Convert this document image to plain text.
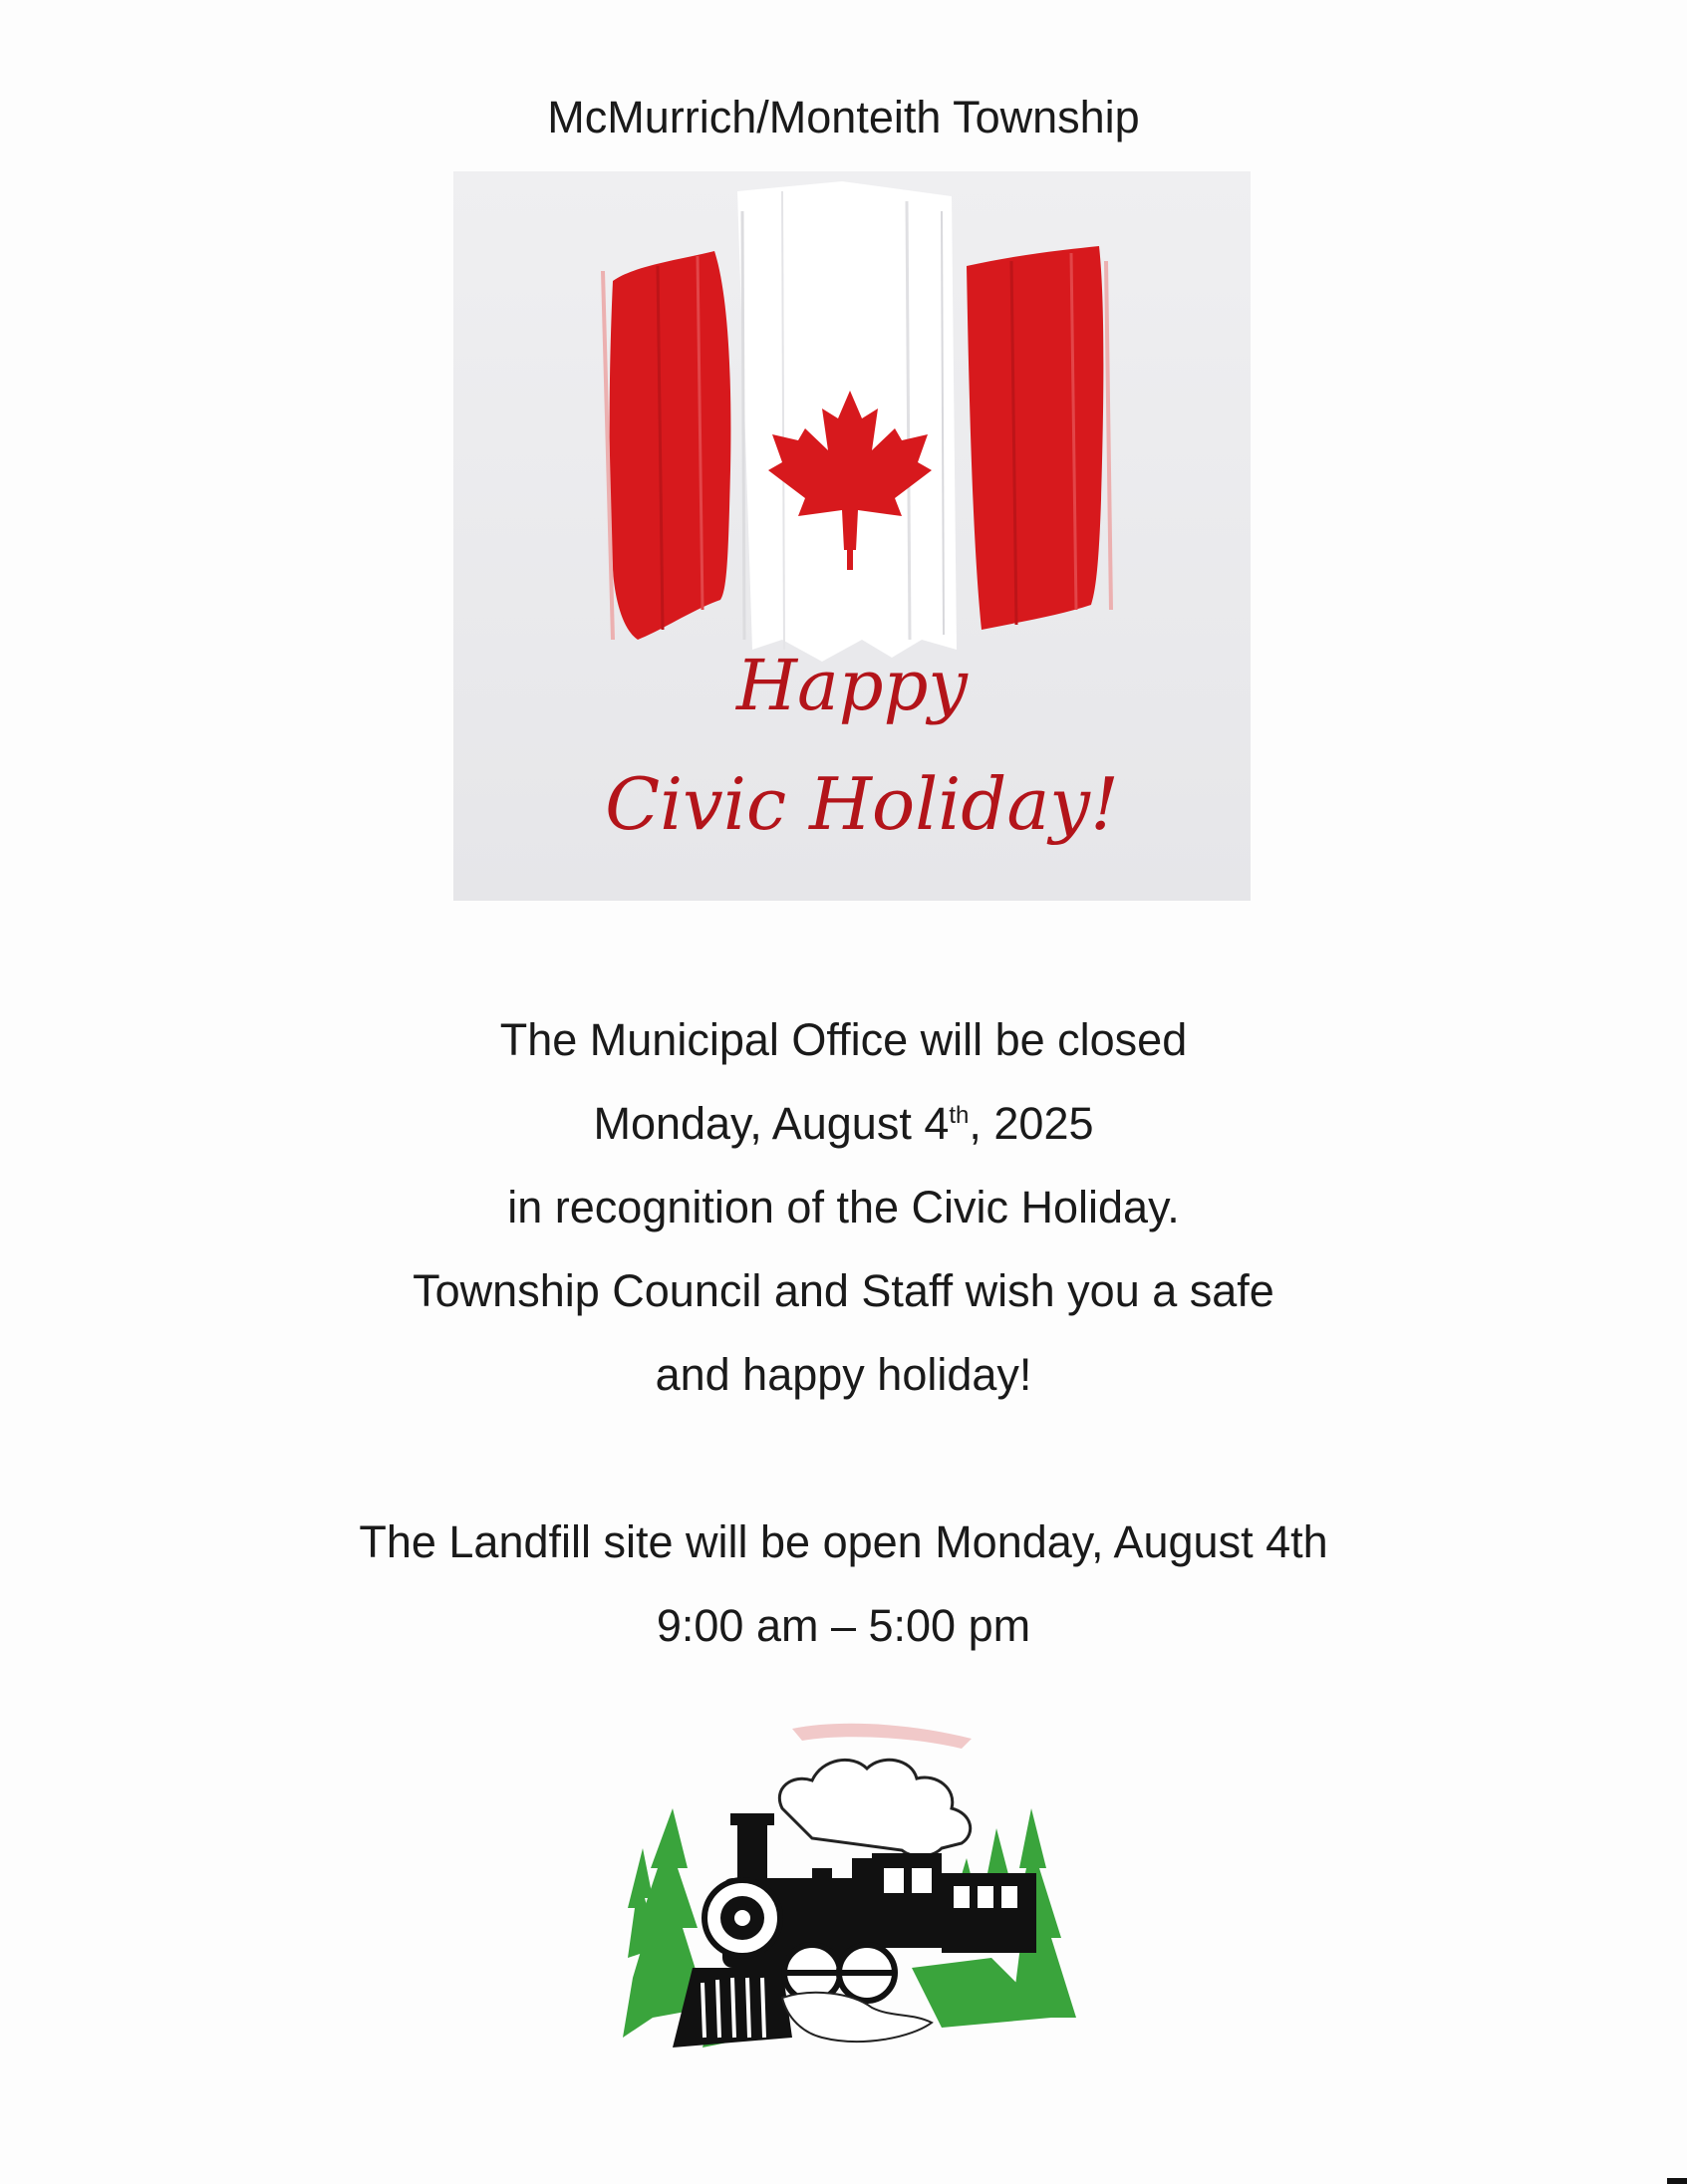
McMurrich/Monteith Township
Happy
Civic Holiday!
The Municipal Office will be closed
Monday, August 4th, 2025
in recognition of the Civic Holiday.
Township Council and Staff wish you a safe
and happy holiday!
The Landfill site will be open Monday, August 4th
9:00 am – 5:00 pm
